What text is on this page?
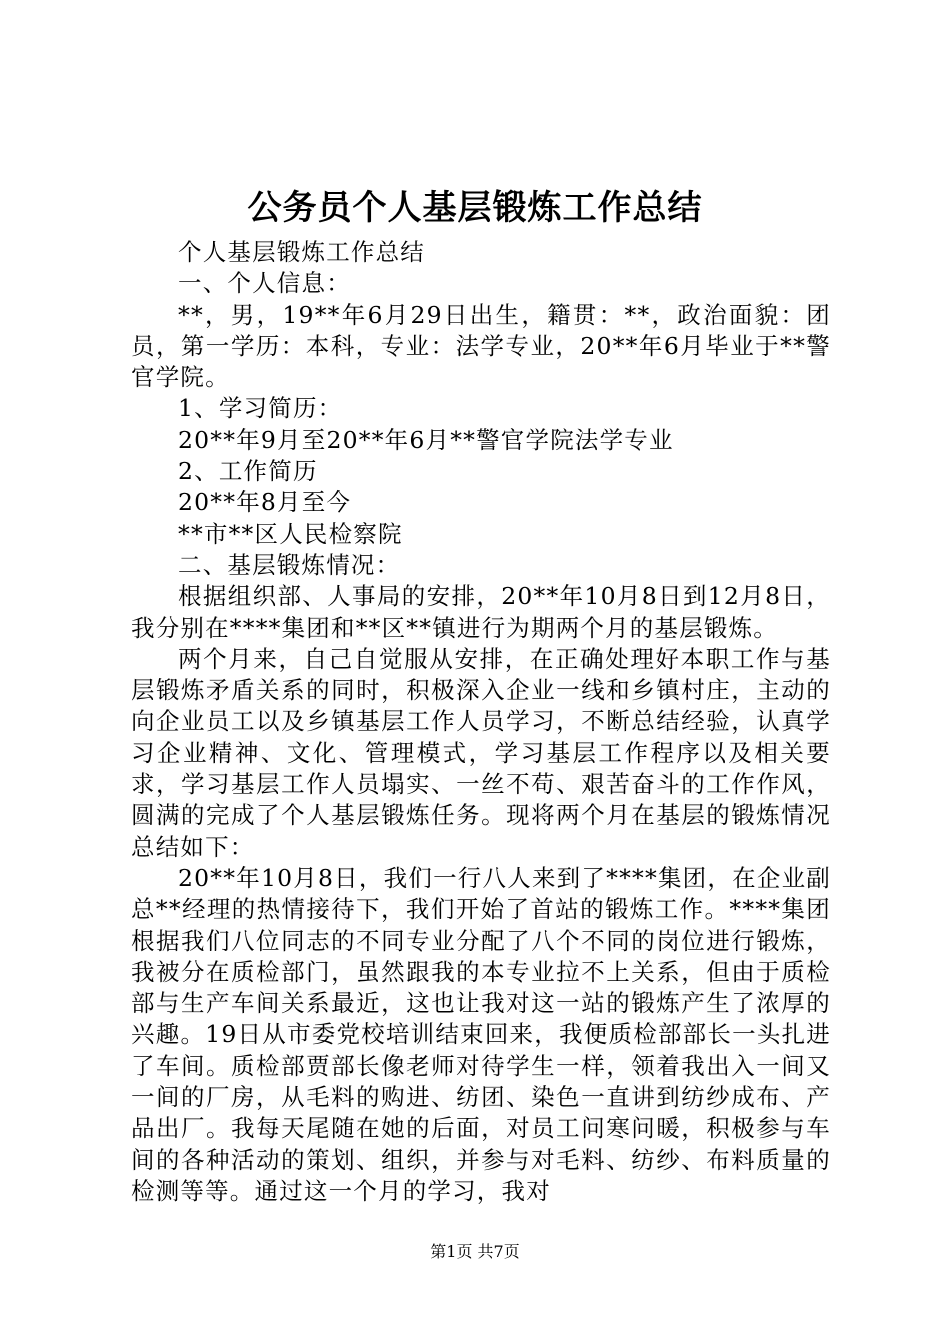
公务员个人基层锻炼工作总结

个人基层锻炼工作总结

一、个人信息：

**，男，19**年6月29日出生，籍贯：**，政治面貌：团员，第一学历：本科，专业：法学专业，20**年6月毕业于**警官学院。

1、学习简历：

20**年9月至20**年6月**警官学院法学专业

2、工作简历

20**年8月至今

**市**区人民检察院

二、基层锻炼情况：

根据组织部、人事局的安排，20**年10月8日到12月8日，我分别在****集团和**区**镇进行为期两个月的基层锻炼。

两个月来，自己自觉服从安排，在正确处理好本职工作与基层锻炼矛盾关系的同时，积极深入企业一线和乡镇村庄，主动的向企业员工以及乡镇基层工作人员学习，不断总结经验，认真学习企业精神、文化、管理模式，学习基层工作程序以及相关要求，学习基层工作人员塌实、一丝不苟、艰苦奋斗的工作作风，圆满的完成了个人基层锻炼任务。现将两个月在基层的锻炼情况总结如下：

20**年10月8日，我们一行八人来到了****集团，在企业副总**经理的热情接待下，我们开始了首站的锻炼工作。****集团根据我们八位同志的不同专业分配了八个不同的岗位进行锻炼，我被分在质检部门，虽然跟我的本专业拉不上关系，但由于质检部与生产车间关系最近，这也让我对这一站的锻炼产生了浓厚的兴趣。19日从市委党校培训结束回来，我便质检部部长一头扎进了车间。质检部贾部长像老师对待学生一样，领着我出入一间又一间的厂房，从毛料的购进、纺团、染色一直讲到纺纱成布、产品出厂。我每天尾随在她的后面，对员工问寒问暖，积极参与车间的各种活动的策划、组织，并参与对毛料、纺纱、布料质量的检测等等。通过这一个月的学习，我对

第1页 共7页
